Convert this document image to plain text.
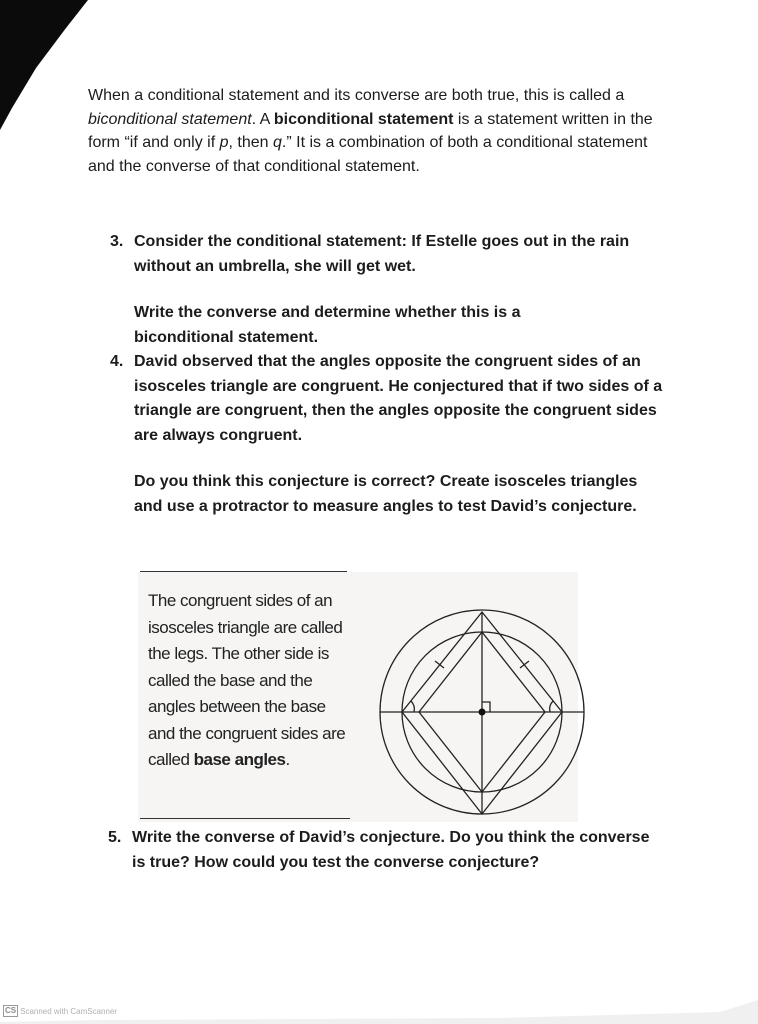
When a conditional statement and its converse are both true, this is called a biconditional statement. A biconditional statement is a statement written in the form “if and only if p, then q.” It is a combination of both a conditional statement and the converse of that conditional statement.
3. Consider the conditional statement: If Estelle goes out in the rain without an umbrella, she will get wet.

Write the converse and determine whether this is a biconditional statement.

4. David observed that the angles opposite the congruent sides of an isosceles triangle are congruent. He conjectured that if two sides of a triangle are congruent, then the angles opposite the congruent sides are always congruent.

Do you think this conjecture is correct? Create isosceles triangles and use a protractor to measure angles to test David’s conjecture.

The congruent sides of an isosceles triangle are called the legs. The other side is called the base and the angles between the base and the congruent sides are called base angles.

5. Write the converse of David’s conjecture. Do you think the converse is true? How could you test the converse conjecture?

CS Scanned with CamScanner
